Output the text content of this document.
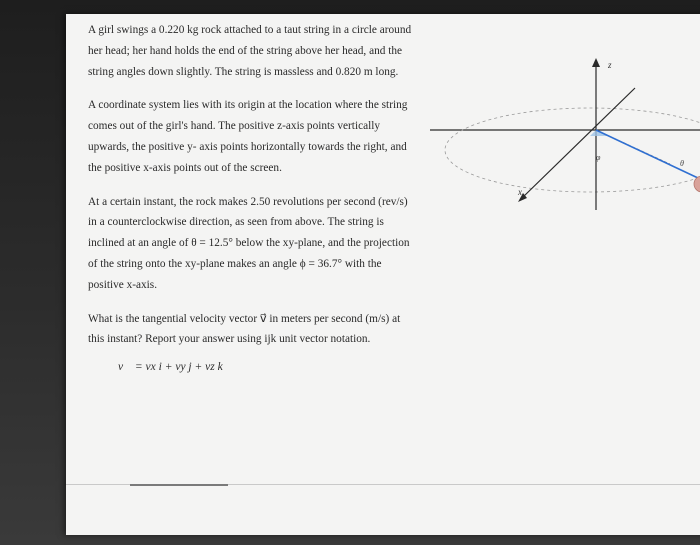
A girl swings a 0.220 kg rock attached to a taut string in a circle around her head; her hand holds the end of the string above her head, and the string angles down slightly. The string is massless and 0.820 m long.

A coordinate system lies with its origin at the location where the string comes out of the girl's hand. The positive z-axis points vertically upwards, the positive y- axis points horizontally towards the right, and the positive x-axis points out of the screen.

At a certain instant, the rock makes 2.50 revolutions per second (rev/s) in a counterclockwise direction, as seen from above. The string is inclined at an angle of θ = 12.5° below the xy-plane, and the projection of the string onto the xy-plane makes an angle ϕ = 36.7° with the positive x-axis.

What is the tangential velocity vector v⃗ in meters per second (m/s) at this instant? Report your answer using ijk unit vector notation.

v⃗ = vx i + vy j + vz k
z
x
φ
θ
